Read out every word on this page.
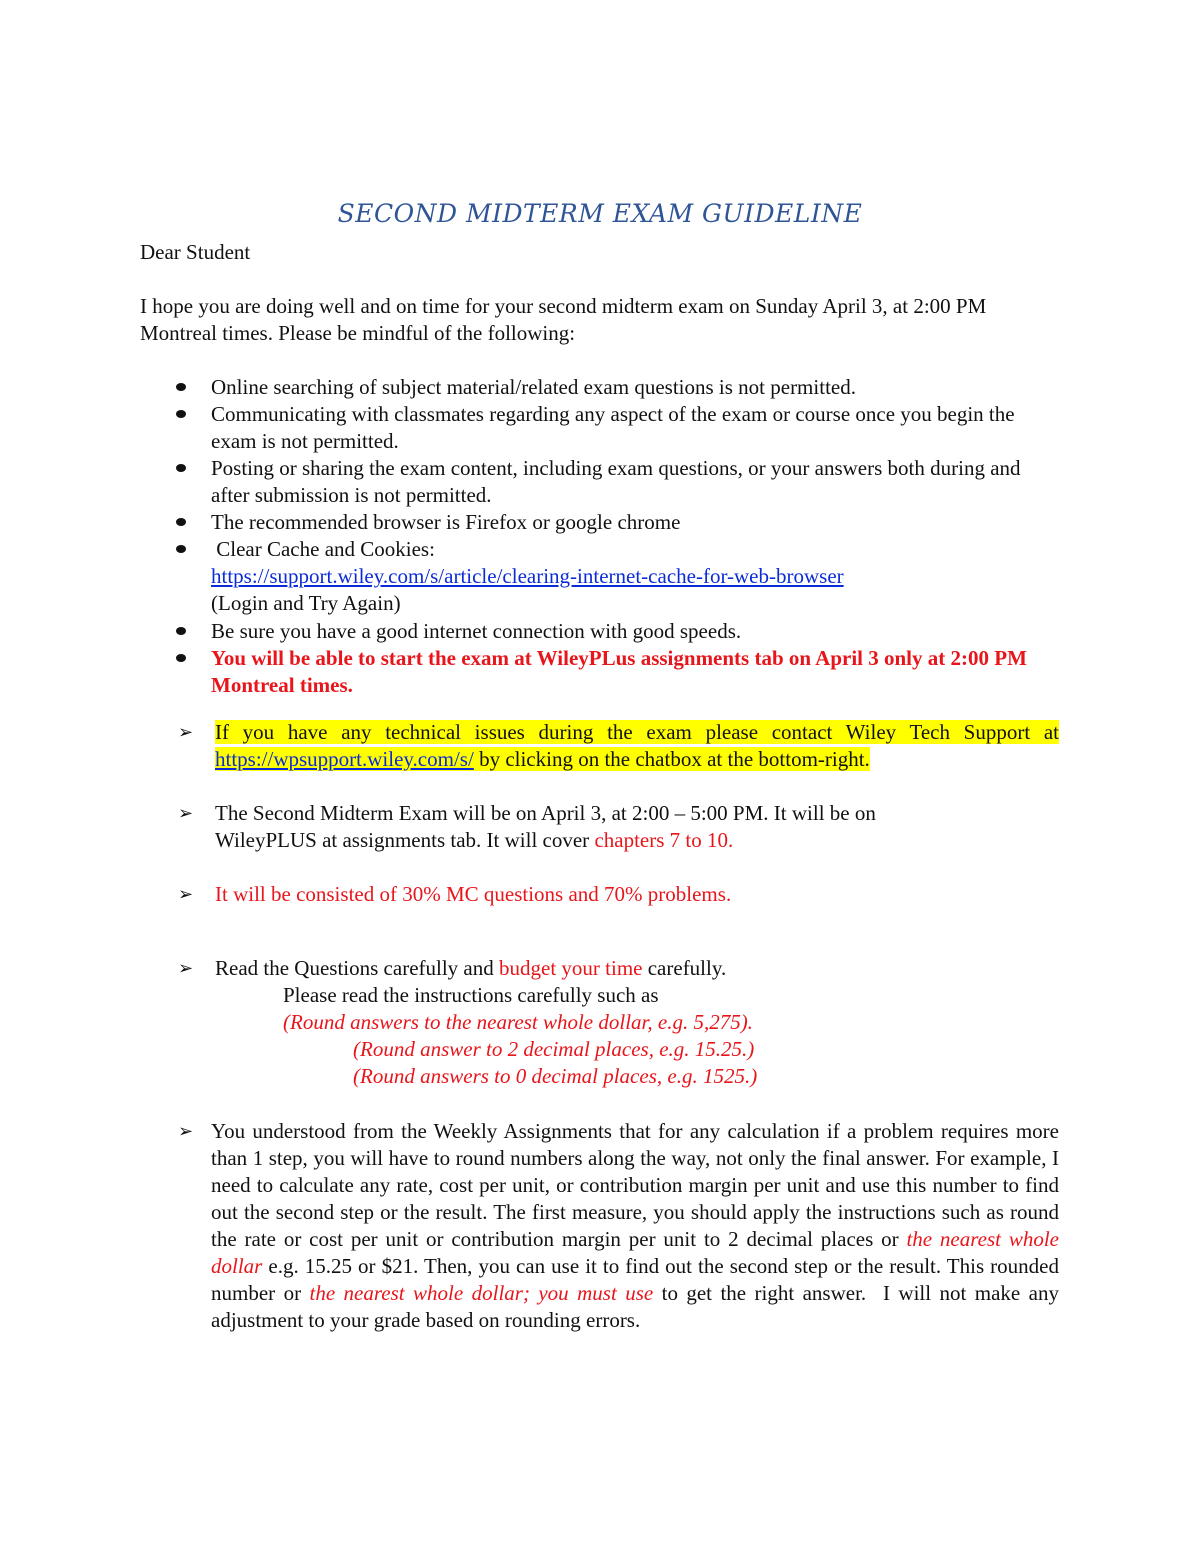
SECOND MIDTERM EXAM GUIDELINE

Dear Student

I hope you are doing well and on time for your second midterm exam on Sunday April 3, at 2:00 PM Montreal times. Please be mindful of the following:

Online searching of subject material/related exam questions is not permitted.

Communicating with classmates regarding any aspect of the exam or course once you begin the exam is not permitted.

Posting or sharing the exam content, including exam questions, or your answers both during and after submission is not permitted.

The recommended browser is Firefox or google chrome

Clear Cache and Cookies:
https://support.wiley.com/s/article/clearing-internet-cache-for-web-browser
(Login and Try Again)

Be sure you have a good internet connection with good speeds.

You will be able to start the exam at WileyPLus assignments tab on April 3 only at 2:00 PM Montreal times.

➢ If you have any technical issues during the exam please contact Wiley Tech Support at https://wpsupport.wiley.com/s/ by clicking on the chatbox at the bottom-right.

➢ The Second Midterm Exam will be on April 3, at 2:00 – 5:00 PM. It will be on WileyPLUS at assignments tab. It will cover chapters 7 to 10.

➢ It will be consisted of 30% MC questions and 70% problems.

➢ Read the Questions carefully and budget your time carefully.

Please read the instructions carefully such as

(Round answers to the nearest whole dollar, e.g. 5,275).

(Round answer to 2 decimal places, e.g. 15.25.)

(Round answers to 0 decimal places, e.g. 1525.)

➢ You understood from the Weekly Assignments that for any calculation if a problem requires more than 1 step, you will have to round numbers along the way, not only the final answer. For example, I need to calculate any rate, cost per unit, or contribution margin per unit and use this number to find out the second step or the result. The first measure, you should apply the instructions such as round the rate or cost per unit or contribution margin per unit to 2 decimal places or the nearest whole dollar e.g. 15.25 or $21. Then, you can use it to find out the second step or the result. This rounded number or the nearest whole dollar; you must use to get the right answer.  I will not make any adjustment to your grade based on rounding errors.
